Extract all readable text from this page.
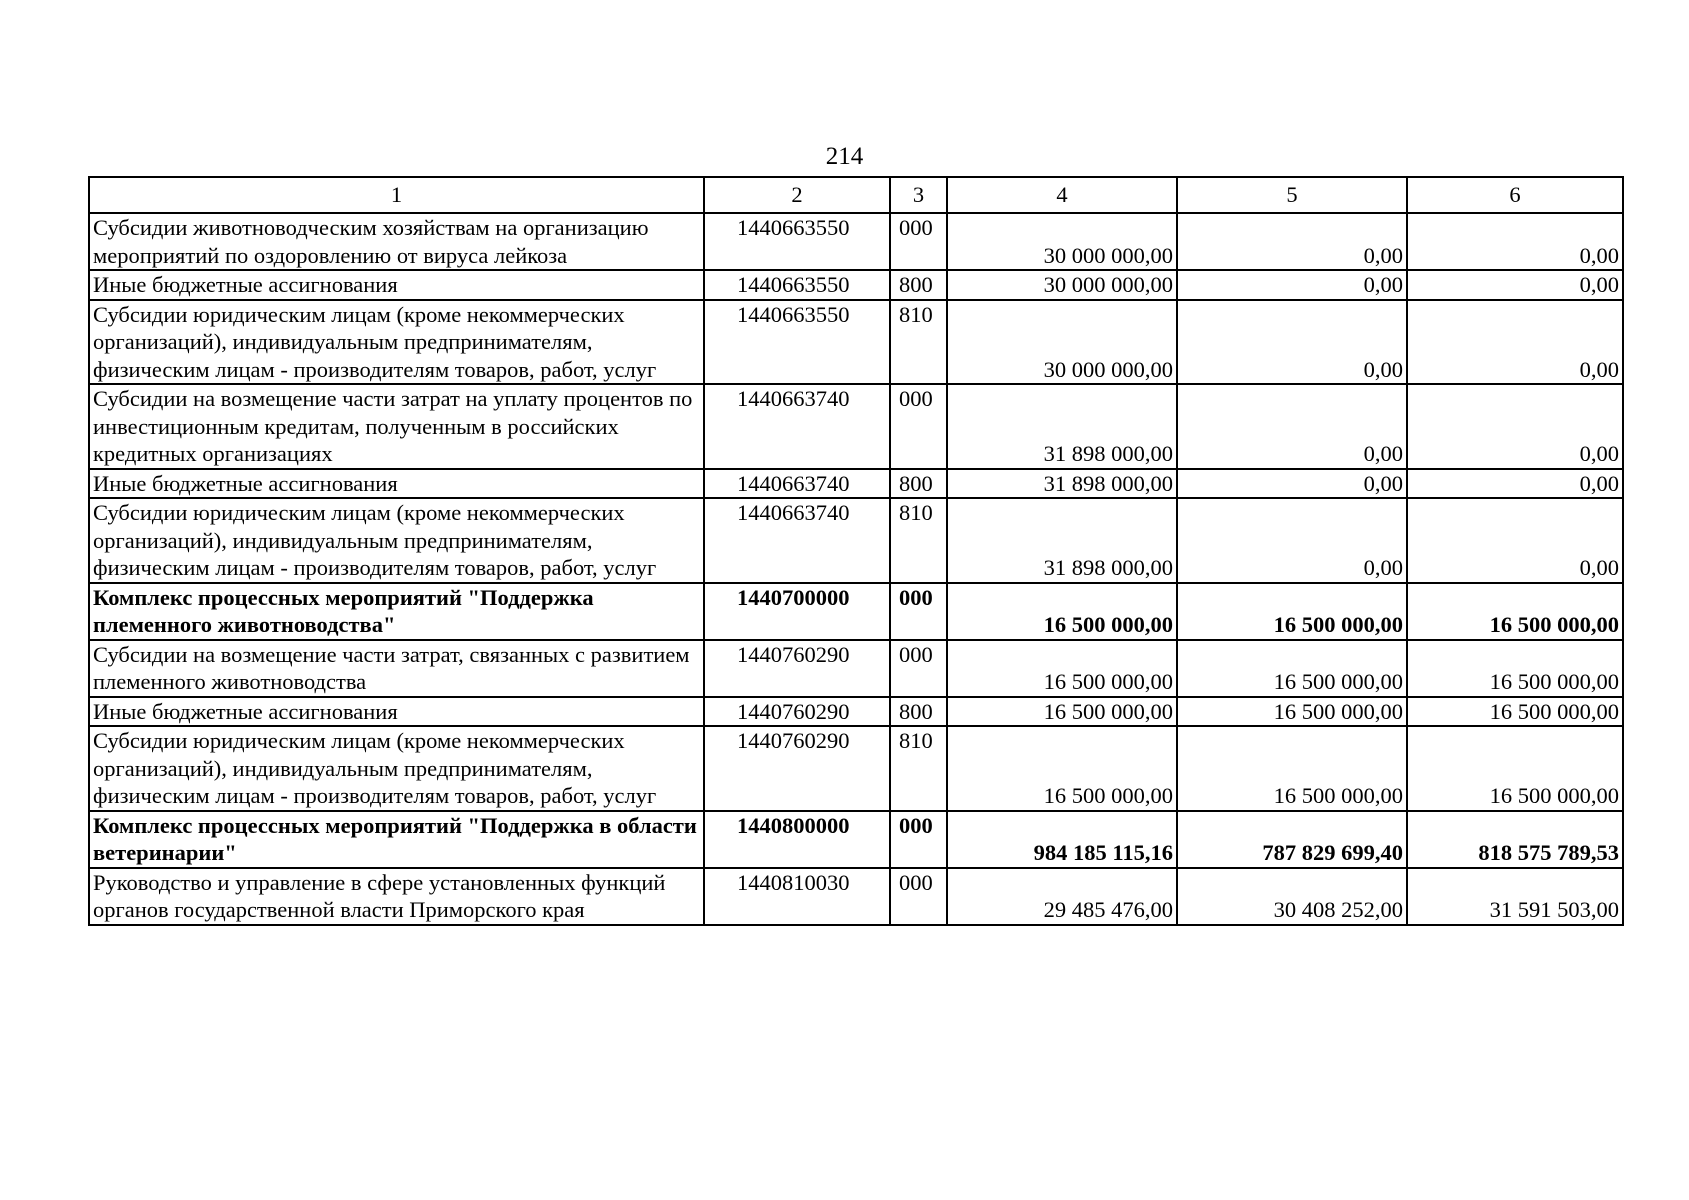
214
1	2	3	4	5	6
Субсидии животноводческим хозяйствам на организацию мероприятий по оздоровлению от вируса лейкоза	1440663550	000	30 000 000,00	0,00	0,00
Иные бюджетные ассигнования	1440663550	800	30 000 000,00	0,00	0,00
Субсидии юридическим лицам (кроме некоммерческих организаций), индивидуальным предпринимателям, физическим лицам - производителям товаров, работ, услуг	1440663550	810	30 000 000,00	0,00	0,00
Субсидии на возмещение части затрат на уплату процентов по инвестиционным кредитам, полученным в российских кредитных организациях	1440663740	000	31 898 000,00	0,00	0,00
Иные бюджетные ассигнования	1440663740	800	31 898 000,00	0,00	0,00
Субсидии юридическим лицам (кроме некоммерческих организаций), индивидуальным предпринимателям, физическим лицам - производителям товаров, работ, услуг	1440663740	810	31 898 000,00	0,00	0,00
Комплекс процессных мероприятий "Поддержка племенного животноводства"	1440700000	000	16 500 000,00	16 500 000,00	16 500 000,00
Субсидии на возмещение части затрат, связанных с развитием племенного животноводства	1440760290	000	16 500 000,00	16 500 000,00	16 500 000,00
Иные бюджетные ассигнования	1440760290	800	16 500 000,00	16 500 000,00	16 500 000,00
Субсидии юридическим лицам (кроме некоммерческих организаций), индивидуальным предпринимателям, физическим лицам - производителям товаров, работ, услуг	1440760290	810	16 500 000,00	16 500 000,00	16 500 000,00
Комплекс процессных мероприятий "Поддержка в области ветеринарии"	1440800000	000	984 185 115,16	787 829 699,40	818 575 789,53
Руководство и управление в сфере установленных функций органов государственной власти Приморского края	1440810030	000	29 485 476,00	30 408 252,00	31 591 503,00
